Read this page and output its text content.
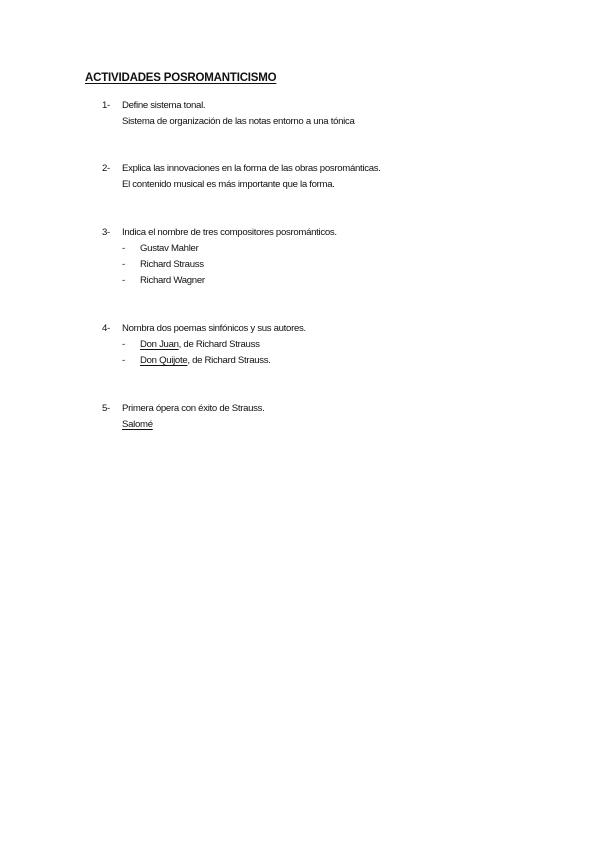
ACTIVIDADES POSROMANTICISMO
1-	Define sistema tonal.
Sistema de organización de las notas entorno a una tónica
2-	Explica las innovaciones en la forma de las obras posrománticas.
El contenido musical es más importante que la forma.
3-	Indica el nombre de tres compositores posrománticos.
-	Gustav Mahler
-	Richard Strauss
-	Richard Wagner
4-	Nombra dos poemas sinfónicos y sus autores.
-	Don Juan , de Richard Strauss
-	Don Quijote , de Richard Strauss.
5-	Primera ópera con éxito de Strauss.
Salomé
